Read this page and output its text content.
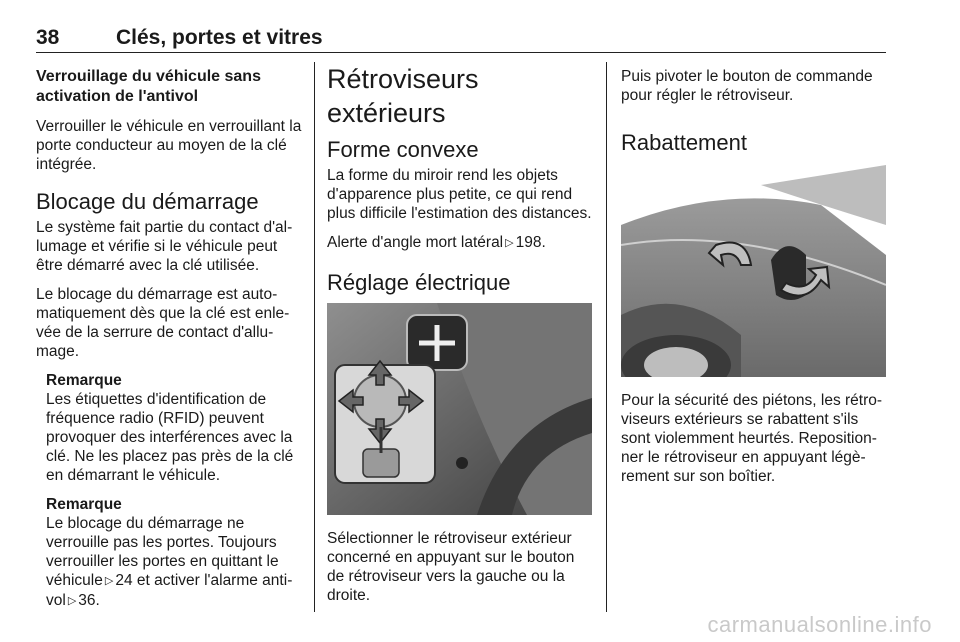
38	Clés, portes et vitres
Verrouillage du véhicule sans activation de l'antivol

Verrouiller le véhicule en verrouillant la porte conducteur au moyen de la clé intégrée.

Blocage du démarrage

Le système fait partie du contact d'allumage et vérifie si le véhicule peut être démarré avec la clé utilisée.

Le blocage du démarrage est automatiquement dès que la clé est enlevée de la serrure de contact d'allumage.

Remarque

Les étiquettes d'identification de fréquence radio (RFID) peuvent provoquer des interférences avec la clé. Ne les placez pas près de la clé en démarrant le véhicule.

Remarque

Le blocage du démarrage ne verrouille pas les portes. Toujours verrouiller les portes en quittant le véhicule ▷ 24 et activer l'alarme antivol ▷ 36.

Rétroviseurs extérieurs
Forme convexe

La forme du miroir rend les objets d'apparence plus petite, ce qui rend plus difficile l'estimation des distances.

Alerte d'angle mort latéral ▷ 198.

Réglage électrique

Sélectionner le rétroviseur extérieur concerné en appuyant sur le bouton de rétroviseur vers la gauche ou la droite.

Puis pivoter le bouton de commande pour régler le rétroviseur.

Rabattement

Pour la sécurité des piétons, les rétroviseurs extérieurs se rabattent s'ils sont violemment heurtés. Repositionner le rétroviseur en appuyant légèrement sur son boîtier.

carmanualsonline.info
